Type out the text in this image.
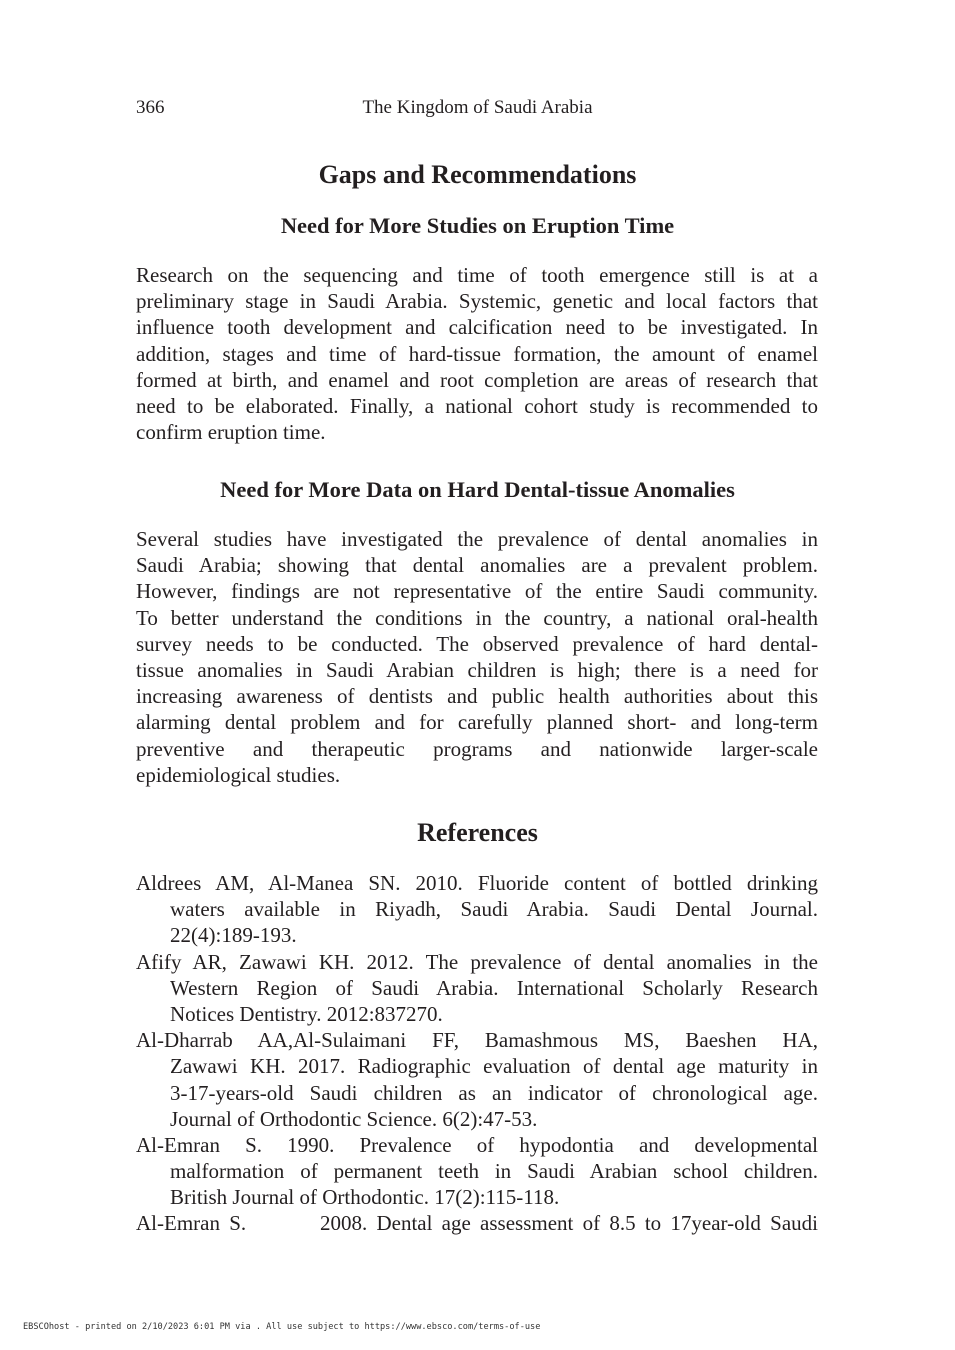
366	The Kingdom of Saudi Arabia
Gaps and Recommendations
Need for More Studies on Eruption Time
Research on the sequencing and time of tooth emergence still is at a
preliminary stage in Saudi Arabia. Systemic, genetic and local factors that
influence tooth development and calcification need to be investigated. In
addition, stages and time of hard-tissue formation, the amount of enamel
formed at birth, and enamel and root completion are areas of research that
need to be elaborated. Finally, a national cohort study is recommended to
confirm eruption time.
Need for More Data on Hard Dental-tissue Anomalies
Several studies have investigated the prevalence of dental anomalies in
Saudi Arabia; showing that dental anomalies are a prevalent problem.
However, findings are not representative of the entire Saudi community.
To better understand the conditions in the country, a national oral-health
survey needs to be conducted. The observed prevalence of hard dental-
tissue anomalies in Saudi Arabian children is high; there is a need for
increasing awareness of dentists and public health authorities about this
alarming dental problem and for carefully planned short- and long-term
preventive and therapeutic programs and nationwide larger-scale
epidemiological studies.
References
Aldrees AM, Al-Manea SN. 2010. Fluoride content of bottled drinking
waters available in Riyadh, Saudi Arabia. Saudi Dental Journal.
22(4):189-193.
Afify AR, Zawawi KH. 2012. The prevalence of dental anomalies in the
Western Region of Saudi Arabia. International Scholarly Research
Notices Dentistry. 2012:837270.
Al-Dharrab AA,Al-Sulaimani FF, Bamashmous MS, Baeshen HA,
Zawawi KH. 2017. Radiographic evaluation of dental age maturity in
3-17-years-old Saudi children as an indicator of chronological age.
Journal of Orthodontic Science. 6(2):47-53.
Al-Emran S. 1990. Prevalence of hypodontia and developmental
malformation of permanent teeth in Saudi Arabian school children.
British Journal of Orthodontic. 17(2):115-118.
Al-Emran S.        2008. Dental age assessment of 8.5 to 17year-old Saudi
EBSCOhost - printed on 2/10/2023 6:01 PM via . All use subject to https://www.ebsco.com/terms-of-use
